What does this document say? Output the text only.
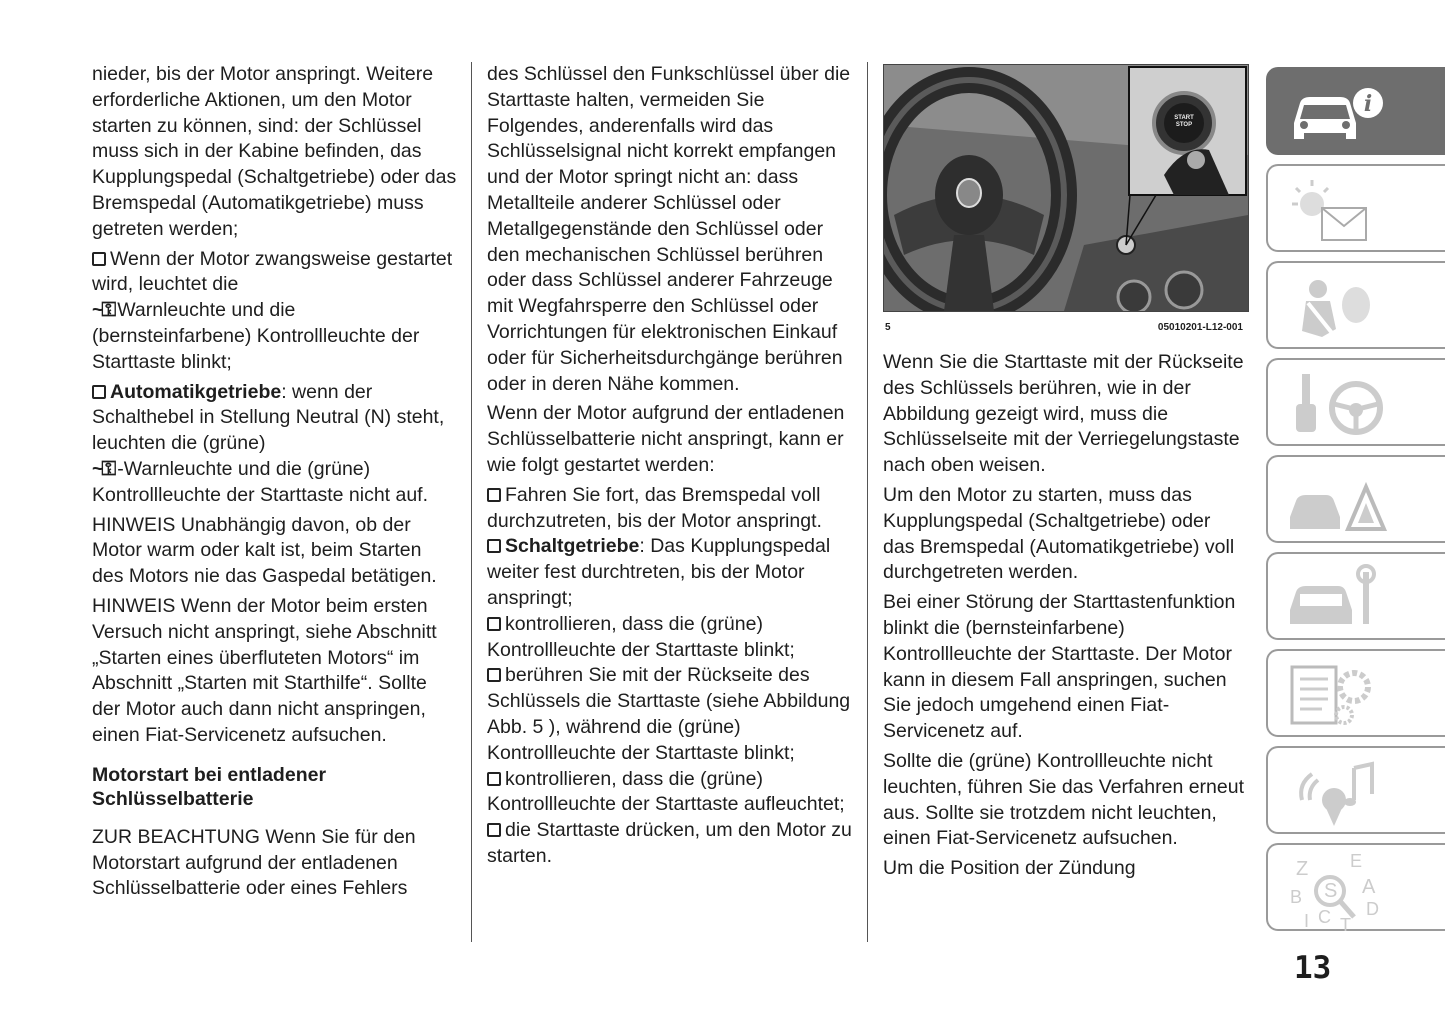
nieder, bis der Motor anspringt. Weitere erforderliche Aktionen, um den Motor starten zu können, sind: der Schlüssel muss sich in der Kabine befinden, das Kupplungspedal (Schaltgetriebe) oder das Bremspedal (Automatikgetriebe) muss getreten werden;

Wenn der Motor zwangsweise gestartet wird, leuchtet die
~⚿ Warnleuchte und die (bernsteinfarbene) Kontrollleuchte der Starttaste blinkt;

Automatikgetriebe: wenn der Schalthebel in Stellung Neutral (N) steht, leuchten die (grüne)
~⚿ -Warnleuchte und die (grüne) Kontrollleuchte der Starttaste nicht auf.

HINWEIS Unabhängig davon, ob der Motor warm oder kalt ist, beim Starten des Motors nie das Gaspedal betätigen.

HINWEIS Wenn der Motor beim ersten Versuch nicht anspringt, siehe Abschnitt „Starten eines überfluteten Motors“ im Abschnitt „Starten mit Starthilfe“. Sollte der Motor auch dann nicht anspringen, einen Fiat-Servicenetz aufsuchen.

Motorstart bei entladener Schlüsselbatterie

ZUR BEACHTUNG Wenn Sie für den Motorstart aufgrund der entladenen Schlüsselbatterie oder eines Fehlers

des Schlüssel den Funkschlüssel über die Starttaste halten, vermeiden Sie Folgendes, anderenfalls wird das Schlüsselsignal nicht korrekt empfangen und der Motor springt nicht an: dass Metallteile anderer Schlüssel oder Metallgegenstände den Schlüssel oder den mechanischen Schlüssel berühren oder dass Schlüssel anderer Fahrzeuge mit Wegfahrsperre den Schlüssel oder Vorrichtungen für elektronischen Einkauf oder für Sicherheitsdurchgänge berühren oder in deren Nähe kommen.

Wenn der Motor aufgrund der entladenen Schlüsselbatterie nicht anspringt, kann er wie folgt gestartet werden:

Fahren Sie fort, das Bremspedal voll durchzutreten, bis der Motor anspringt.
Schaltgetriebe: Das Kupplungspedal weiter fest durchtreten, bis der Motor anspringt;
kontrollieren, dass die (grüne) Kontrollleuchte der Starttaste blinkt;
berühren Sie mit der Rückseite des Schlüssels die Starttaste (siehe Abbildung Abb. 5 ), während die (grüne) Kontrollleuchte der Starttaste blinkt;
kontrollieren, dass die (grüne) Kontrollleuchte der Starttaste aufleuchtet;
die Starttaste drücken, um den Motor zu starten.
START STOP
5	05010201-L12-001

Wenn Sie die Starttaste mit der Rückseite des Schlüssels berühren, wie in der Abbildung gezeigt wird, muss die Schlüsselseite mit der Verriegelungstaste nach oben weisen.

Um den Motor zu starten, muss das Kupplungspedal (Schaltgetriebe) oder das Bremspedal (Automatikgetriebe) voll durchgetreten werden.

Bei einer Störung der Starttastenfunktion blinkt die (bernsteinfarbene) Kontrollleuchte der Starttaste. Der Motor kann in diesem Fall anspringen, suchen Sie jedoch umgehend einen Fiat-Servicenetz auf.

Sollte die (grüne) Kontrollleuchte nicht leuchten, führen Sie das Verfahren erneut aus. Sollte sie trotzdem nicht leuchten, einen Fiat-Servicenetz aufsuchen.

Um die Position der Zündung

i
Z E
S A
B
C D
I T
13
